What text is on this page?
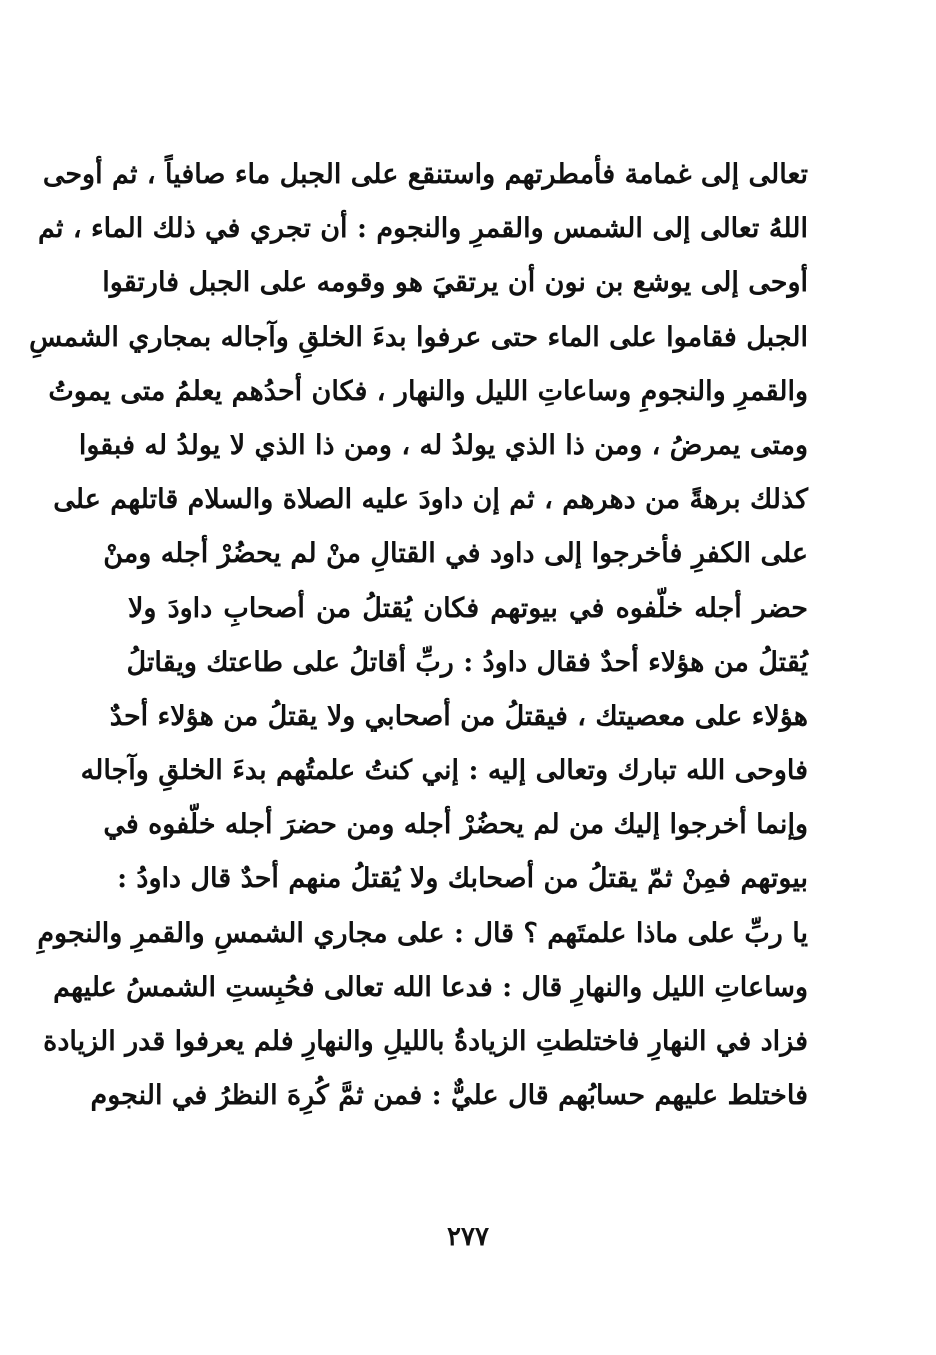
تعالى إلى غمامة فأمطرتهم واستنقع على الجبل ماء صافياً ، ثم أوحى
اللهُ تعالى إلى الشمس والقمرِ والنجوم : أن تجري في ذلك الماء ، ثم
أوحى إلى يوشع بن نون أن يرتقيَ هو وقومه على الجبل فارتقوا
الجبل فقاموا على الماء حتى عرفوا بدءَ الخلقِ وآجاله بمجاري الشمسِ
والقمرِ والنجومِ وساعاتِ الليل والنهار ، فكان أحدُهم يعلمُ متى يموتُ
ومتى يمرضُ ، ومن ذا الذي يولدُ له ، ومن ذا الذي لا يولدُ له فبقوا
كذلك برهةً من دهرهم ، ثم إن داودَ عليه الصلاة والسلام قاتلهم على
على الكفرِ فأخرجوا إلى داود في القتالِ منْ لم يحضُرْ أجله ومنْ
حضر أجله خلّفوه في بيوتهم فكان يُقتلُ من أصحابِ داودَ ولا
يُقتلُ من هؤلاء أحدٌ فقال داودُ : ربِّ أقاتلُ على طاعتك ويقاتلُ
هؤلاء على معصيتك ، فيقتلُ من أصحابي ولا يقتلُ من هؤلاء أحدٌ
فاوحى الله تبارك وتعالى إليه : إني كنتُ علمتُهم بدءَ الخلقِ وآجاله
وإنما أخرجوا إليك من لم يحضُرْ أجله ومن حضرَ أجله خلّفوه في
بيوتهم فمِنْ ثمّ يقتلُ من أصحابك ولا يُقتلُ منهم أحدٌ قال داودُ :
يا ربِّ على ماذا علمتَهم ؟ قال : على مجاري الشمسِ والقمرِ والنجومِ
وساعاتِ الليل والنهارِ قال : فدعا الله تعالى فحُبِستِ الشمسُ عليهم
فزاد في النهارِ فاختلطتِ الزيادةُ بالليلِ والنهارِ فلم يعرفوا قدر الزيادة
فاختلط عليهم حسابُهم قال عليٌّ : فمن ثمَّ كُرِهَ النظرُ في النجوم
٢٧٧
